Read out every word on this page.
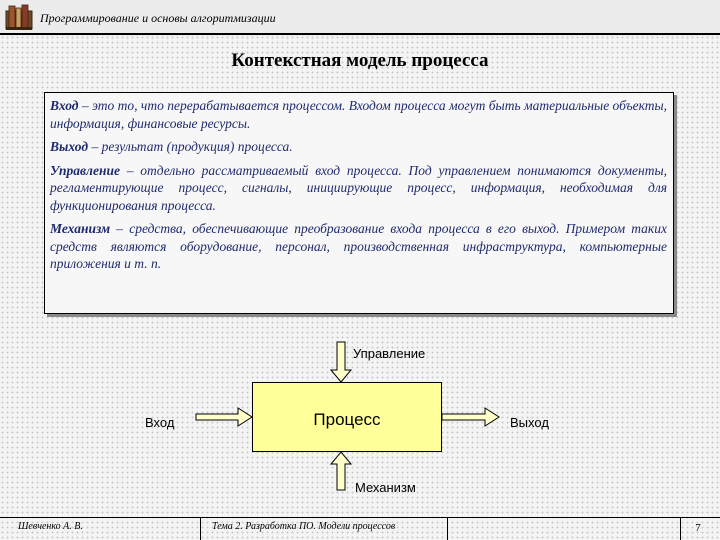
Программирование и основы алгоритмизации
Контекстная модель процесса
Вход – это то, что перерабатывается процессом. Входом процесса могут быть материальные объекты, информация, финансовые ресурсы.
Выход – результат (продукция) процесса.
Управление – отдельно рассматриваемый вход процесса. Под управлением понимаются документы, регламентирующие процесс, сигналы, инициирующие процесс, информация, необходимая для функционирования процесса.
Механизм – средства, обеспечивающие преобразование входа процесса в его выход. Примером таких средств являются оборудование, персонал, производственная инфраструктура, компьютерные приложения и т. п.
Процесс
Управление
Вход	Выход
Механизм
Шевченко А. В.	Тема 2. Разработка ПО. Модели процессов	7
